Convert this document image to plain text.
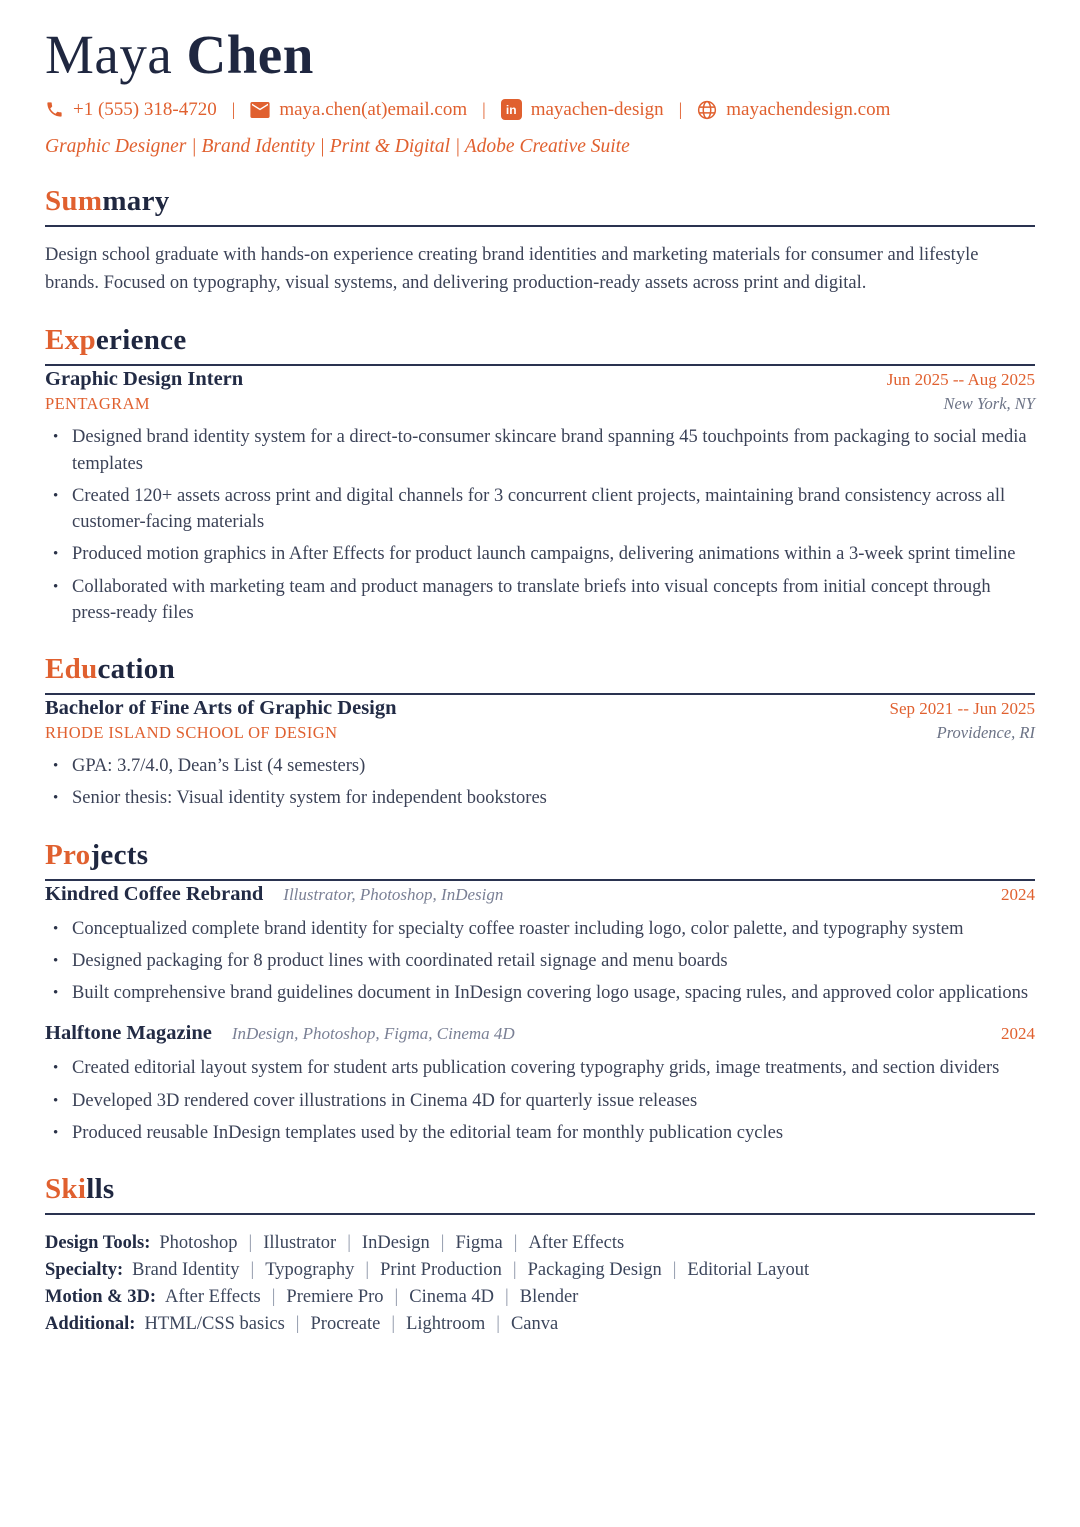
Maya Chen
+1 (555) 318-4720 |	maya.chen(at)email.com |	in mayachen-design |	mayachendesign.com
Graphic Designer | Brand Identity | Print & Digital | Adobe Creative Suite
Summary

Design school graduate with hands-on experience creating brand identities and marketing materials for consumer and lifestyle brands. Focused on typography, visual systems, and delivering production-ready assets across print and digital.

Experience
Graphic Design Intern	Jun 2025 -- Aug 2025
PENTAGRAM	New York, NY
• Designed brand identity system for a direct-to-consumer skincare brand spanning 45 touchpoints from packaging to social media templates
• Created 120+ assets across print and digital channels for 3 concurrent client projects, maintaining brand consistency across all customer-facing materials
• Produced motion graphics in After Effects for product launch campaigns, delivering animations within a 3-week sprint timeline
• Collaborated with marketing team and product managers to translate briefs into visual concepts from initial concept through press-ready files
Education
Bachelor of Fine Arts of Graphic Design	Sep 2021 -- Jun 2025
RHODE ISLAND SCHOOL OF DESIGN	Providence, RI
• GPA: 3.7/4.0, Dean’s List (4 semesters)
• Senior thesis: Visual identity system for independent bookstores
Projects
Kindred Coffee Rebrand Illustrator, Photoshop, InDesign	2024
• Conceptualized complete brand identity for specialty coffee roaster including logo, color palette, and typography system
• Designed packaging for 8 product lines with coordinated retail signage and menu boards
• Built comprehensive brand guidelines document in InDesign covering logo usage, spacing rules, and approved color applications
Halftone Magazine InDesign, Photoshop, Figma, Cinema 4D	2024
• Created editorial layout system for student arts publication covering typography grids, image treatments, and section dividers
• Developed 3D rendered cover illustrations in Cinema 4D for quarterly issue releases
• Produced reusable InDesign templates used by the editorial team for monthly publication cycles
Skills
Design Tools: Photoshop | Illustrator | InDesign | Figma | After Effects
Specialty: Brand Identity | Typography | Print Production | Packaging Design | Editorial Layout
Motion & 3D: After Effects | Premiere Pro | Cinema 4D | Blender
Additional: HTML/CSS basics | Procreate | Lightroom | Canva
